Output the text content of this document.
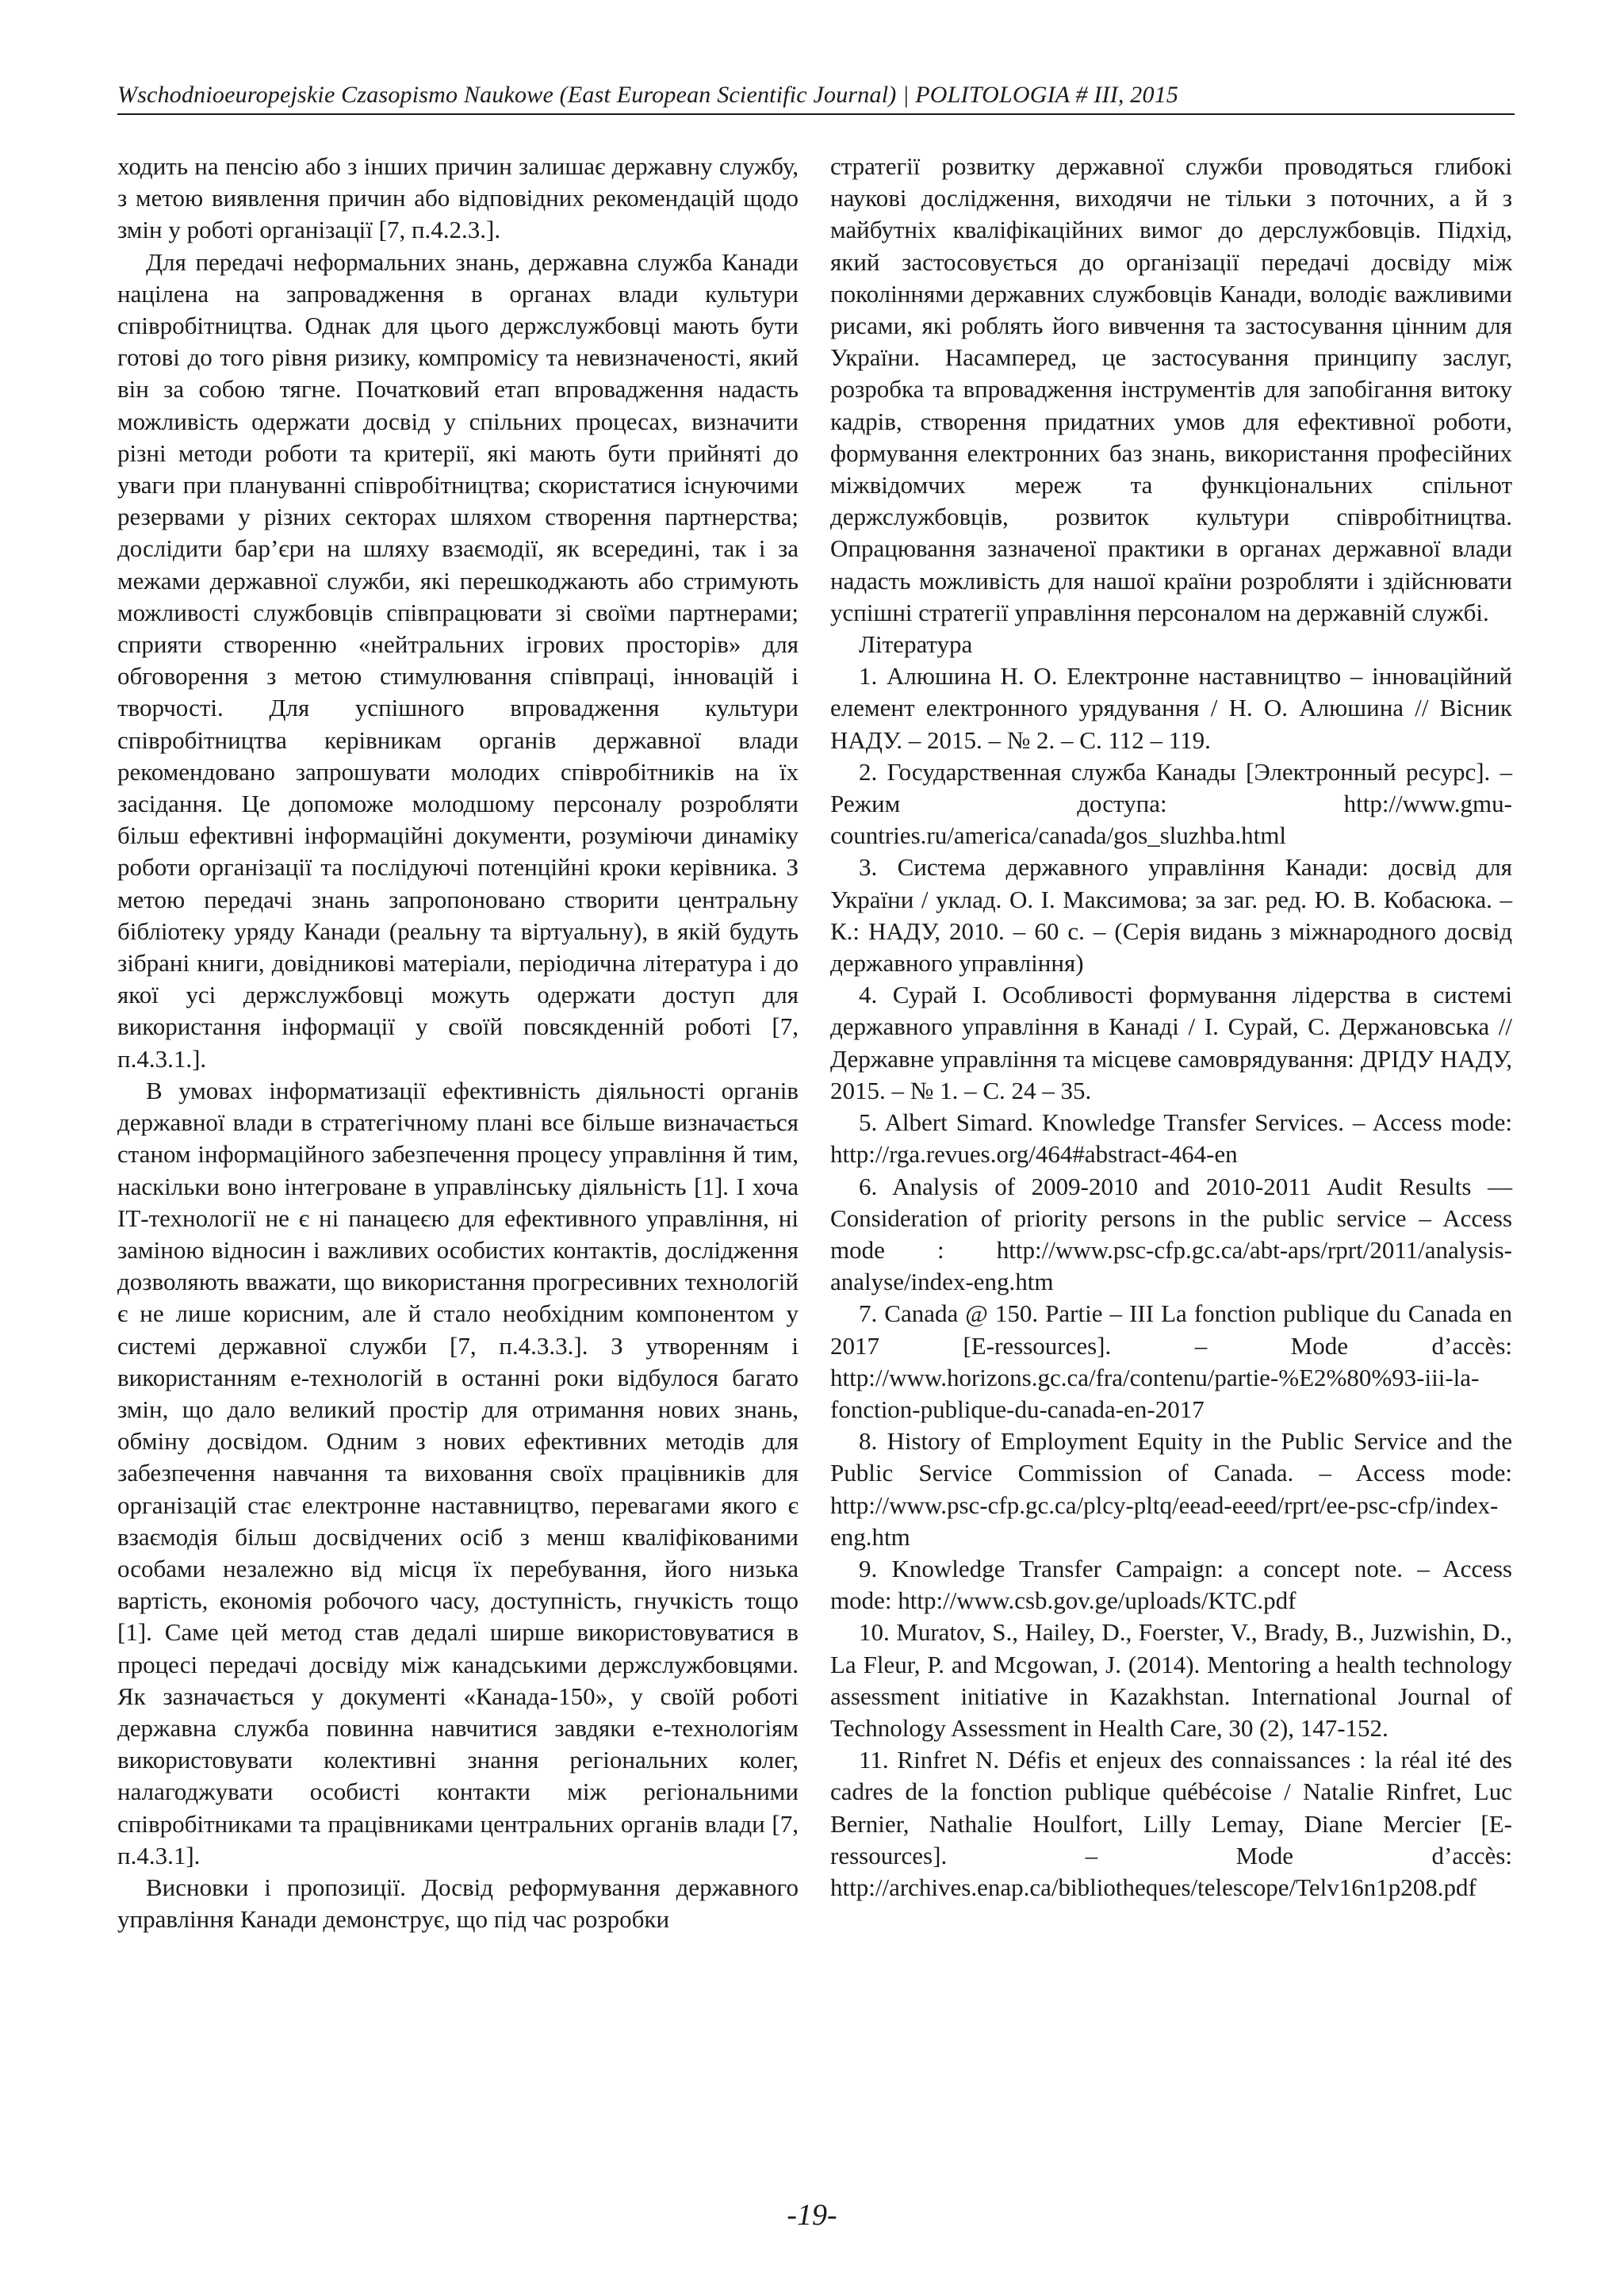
Wschodnioeuropejskie Czasopismo Naukowe (East European Scientific Journal) | POLITOLOGIA # III, 2015

ходить на пенсію або з інших причин залишає державну службу, з метою виявлення причин або відповідних рекомендацій щодо змін у роботі організації [7, п.4.2.3.].

Для передачі неформальних знань, державна служба Канади націлена на запровадження в органах влади культури співробітництва. Однак для цього держслужбовці мають бути готові до того рівня ризику, компромісу та невизначеності, який він за собою тягне. Початковий етап впровадження надасть можливість одержати досвід у спільних процесах, визначити різні методи роботи та критерії, які мають бути прийняті до уваги при плануванні співробітництва; скористатися існуючими резервами у різних секторах шляхом створення партнерства; дослідити бар’єри на шляху взаємодії, як всередині, так і за межами державної служби, які перешкоджають або стримують можливості службовців співпрацювати зі своїми партнерами; сприяти створенню «нейтральних ігрових просторів» для обговорення з метою стимулювання співпраці, інновацій і творчості. Для успішного впровадження культури співробітництва керівникам органів державної влади рекомендовано запрошувати молодих співробітників на їх засідання. Це допоможе молодшому персоналу розробляти більш ефективні інформаційні документи, розуміючи динаміку роботи організації та послідуючі потенційні кроки керівника. З метою передачі знань запропоновано створити центральну бібліотеку уряду Канади (реальну та віртуальну), в якій будуть зібрані книги, довідникові матеріали, періодична література і до якої усі держслужбовці можуть одержати доступ для використання інформації у своїй повсякденній роботі [7, п.4.3.1.].

В умовах інформатизації ефективність діяльності органів державної влади в стратегічному плані все більше визначається станом інформаційного забезпечення процесу управління й тим, наскільки воно інтегроване в управлінську діяльність [1]. І хоча ІТ-технології не є ні панацеєю для ефективного управління, ні заміною відносин і важливих особистих контактів, дослідження дозволяють вважати, що використання прогресивних технологій є не лише корисним, але й стало необхідним компонентом у системі державної служби [7, п.4.3.3.]. З утворенням і використанням е-технологій в останні роки відбулося багато змін, що дало великий простір для отримання нових знань, обміну досвідом. Одним з нових ефективних методів для забезпечення навчання та виховання своїх працівників для організацій стає електронне наставництво, перевагами якого є взаємодія більш досвідчених осіб з менш кваліфікованими особами незалежно від місця їх перебування, його низька вартість, економія робочого часу, доступність, гнучкість тощо [1]. Саме цей метод став дедалі ширше використовуватися в процесі передачі досвіду між канадськими держслужбовцями. Як зазначається у документі «Канада-150», у своїй роботі державна служба повинна навчитися завдяки е-технологіям використовувати колективні знання регіональних колег, налагоджувати особисті контакти між регіональними співробітниками та працівниками центральних органів влади [7, п.4.3.1].

Висновки і пропозиції. Досвід реформування державного управління Канади демонструє, що під час розробки

стратегії розвитку державної служби проводяться глибокі наукові дослідження, виходячи не тільки з поточних, а й з майбутніх кваліфікаційних вимог до дерслужбовців. Підхід, який застосовується до організації передачі досвіду між поколіннями державних службовців Канади, володіє важливими рисами, які роблять його вивчення та застосування цінним для України. Насамперед, це застосування принципу заслуг, розробка та впровадження інструментів для запобігання витоку кадрів, створення придатних умов для ефективної роботи, формування електронних баз знань, використання професійних міжвідомчих мереж та функціональних спільнот держслужбовців, розвиток культури співробітництва. Опрацювання зазначеної практики в органах державної влади надасть можливість для нашої країни розробляти і здійснювати успішні стратегії управління персоналом на державній службі.

Література

1. Алюшина Н. О. Електронне наставництво – інноваційний елемент електронного урядування / Н. О. Алюшина // Вісник НАДУ. – 2015. – № 2. – С. 112 – 119.

2. Государственная служба Канады [Электронный ресурс]. – Режим доступа: http://www.gmu-countries.ru/america/canada/gos_sluzhba.html

3. Система державного управління Канади: досвід для України / уклад. О. І. Максимова; за заг. ред. Ю. В. Кобасюка. – К.: НАДУ, 2010. – 60 с. – (Серія видань з міжнародного досвід державного управління)

4. Сурай І. Особливості формування лідерства в системі державного управління в Канаді / І. Сурай, С. Держановська // Державне управління та місцеве самоврядування: ДРІДУ НАДУ, 2015. – № 1. – С. 24 – 35.

5. Albert Simard. Knowledge Transfer Services. – Access mode: http://rga.revues.org/464#abstract-464-en

6. Analysis of 2009-2010 and 2010-2011 Audit Results — Consideration of priority persons in the public service – Access mode : http://www.psc-cfp.gc.ca/abt-aps/rprt/2011/analysis-analyse/index-eng.htm

7. Canada @ 150. Partie – III La fonction publique du Canada en 2017 [E-ressources]. – Mode d’accès: http://www.horizons.gc.ca/fra/contenu/partie-%E2%80%93-iii-la-fonction-publique-du-canada-en-2017

8. History of Employment Equity in the Public Service and the Public Service Commission of Canada. – Access mode: http://www.psc-cfp.gc.ca/plcy-pltq/eead-eeed/rprt/ee-psc-cfp/index-eng.htm

9. Knowledge Transfer Campaign: a concept note. – Access mode: http://www.csb.gov.ge/uploads/KTC.pdf

10. Muratov, S., Hailey, D., Foerster, V., Brady, B., Juzwishin, D., La Fleur, P. and Mcgowan, J. (2014). Mentoring a health technology assessment initiative in Kazakhstan. International Journal of Technology Assessment in Health Care, 30 (2), 147-152.

11. Rinfret N. Défis et enjeux des connaissances : la réal ité des cadres de la fonction publique québécoise / Natalie Rinfret, Luc Bernier, Nathalie Houlfort, Lilly Lemay, Diane Mercier [E-ressources]. – Mode d’accès: http://archives.enap.ca/bibliotheques/telescope/Telv16n1p208.pdf

-19-
